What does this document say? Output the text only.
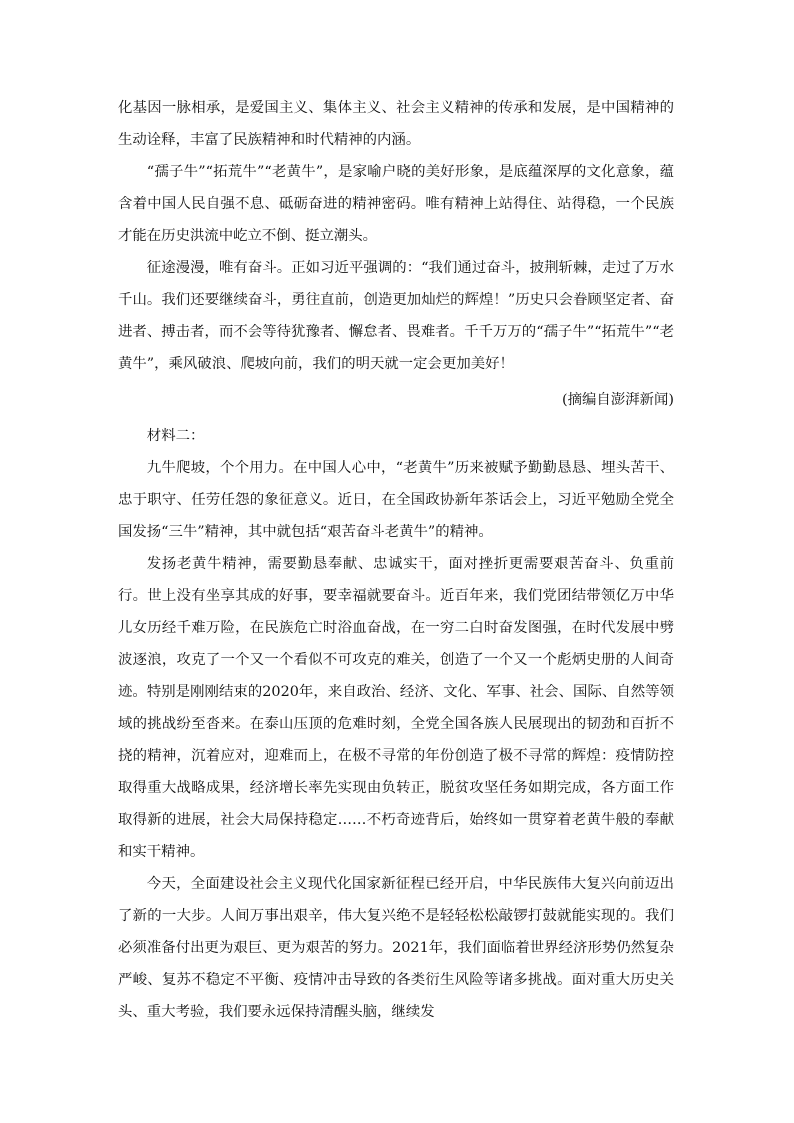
化基因一脉相承，是爱国主义、集体主义、社会主义精神的传承和发展，是中国精神的生动诠释，丰富了民族精神和时代精神的内涵。

“孺子牛”“拓荒牛”“老黄牛”，是家喻户晓的美好形象，是底蕴深厚的文化意象，蕴含着中国人民自强不息、砥砺奋进的精神密码。唯有精神上站得住、站得稳，一个民族才能在历史洪流中屹立不倒、挺立潮头。

征途漫漫，唯有奋斗。正如习近平强调的：“我们通过奋斗，披荆斩棘，走过了万水千山。我们还要继续奋斗，勇往直前，创造更加灿烂的辉煌！”历史只会眷顾坚定者、奋进者、搏击者，而不会等待犹豫者、懈怠者、畏难者。千千万万的“孺子牛”“拓荒牛”“老黄牛”，乘风破浪、爬坡向前，我们的明天就一定会更加美好！

(摘编自澎湃新闻)

材料二：

九牛爬坡，个个用力。在中国人心中，“老黄牛”历来被赋予勤勤恳恳、埋头苦干、忠于职守、任劳任怨的象征意义。近日，在全国政协新年茶话会上，习近平勉励全党全国发扬“三牛”精神，其中就包括“艰苦奋斗老黄牛”的精神。

发扬老黄牛精神，需要勤恳奉献、忠诚实干，面对挫折更需要艰苦奋斗、负重前行。世上没有坐享其成的好事，要幸福就要奋斗。近百年来，我们党团结带领亿万中华儿女历经千难万险，在民族危亡时浴血奋战，在一穷二白时奋发图强，在时代发展中劈波逐浪，攻克了一个又一个看似不可攻克的难关，创造了一个又一个彪炳史册的人间奇迹。特别是刚刚结束的2020年，来自政治、经济、文化、军事、社会、国际、自然等领域的挑战纷至沓来。在泰山压顶的危难时刻，全党全国各族人民展现出的韧劲和百折不挠的精神，沉着应对，迎难而上，在极不寻常的年份创造了极不寻常的辉煌：疫情防控取得重大战略成果，经济增长率先实现由负转正，脱贫攻坚任务如期完成，各方面工作取得新的进展，社会大局保持稳定……不朽奇迹背后，始终如一贯穿着老黄牛般的奉献和实干精神。

今天，全面建设社会主义现代化国家新征程已经开启，中华民族伟大复兴向前迈出了新的一大步。人间万事出艰辛，伟大复兴绝不是轻轻松松敲锣打鼓就能实现的。我们必须准备付出更为艰巨、更为艰苦的努力。2021年，我们面临着世界经济形势仍然复杂严峻、复苏不稳定不平衡、疫情冲击导致的各类衍生风险等诸多挑战。面对重大历史关头、重大考验，我们要永远保持清醒头脑，继续发
